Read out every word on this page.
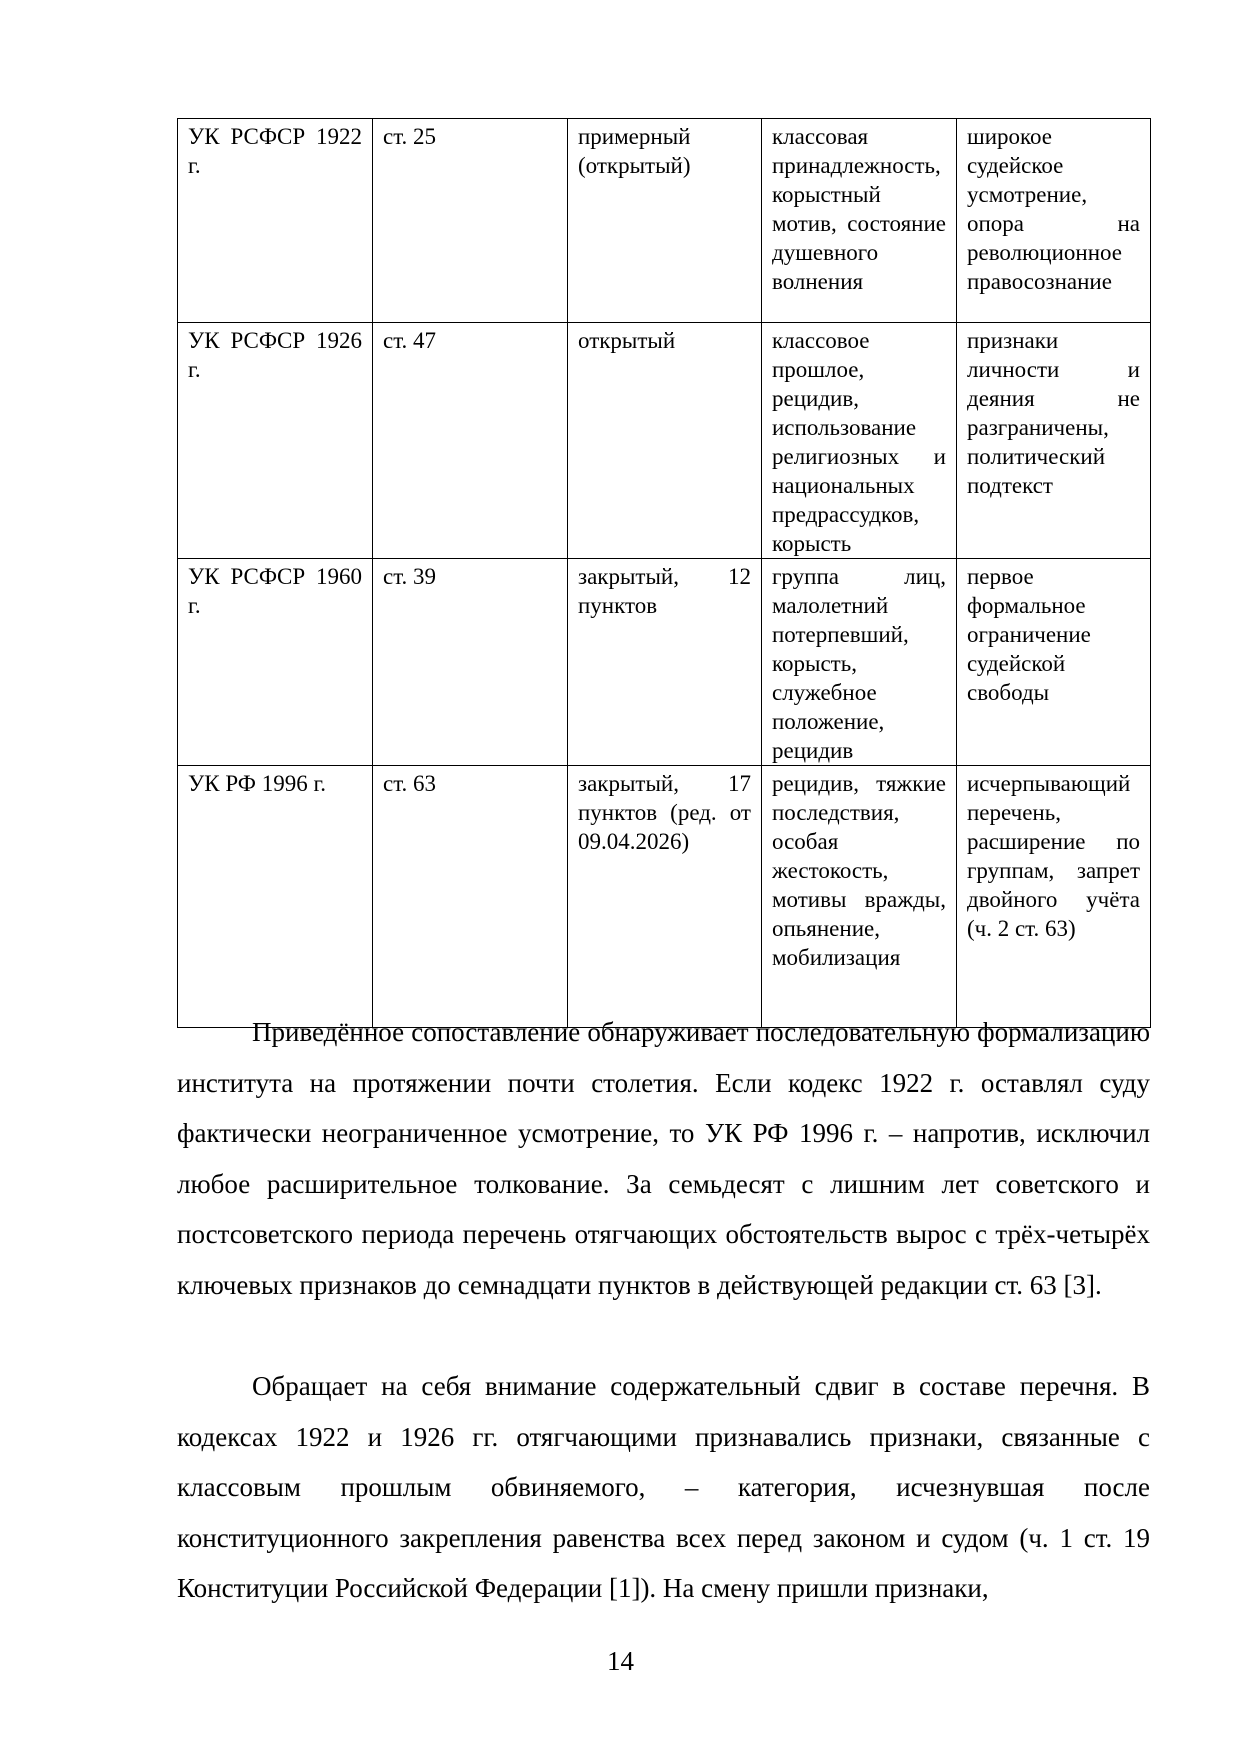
УК РСФСР 1922 г.	ст. 25	примерный (открытый)	классовая принадлежность, корыстный мотив, состояние душевного волнения	широкое судейское усмотрение, опора на революционное правосознание
УК РСФСР 1926 г.	ст. 47	открытый	классовое прошлое, рецидив, использование религиозных и национальных предрассудков, корысть	признаки личности и деяния не разграничены, политический подтекст
УК РСФСР 1960 г.	ст. 39	закрытый, 12 пунктов	группа лиц, малолетний потерпевший, корысть, служебное положение, рецидив	первое формальное ограничение судейской свободы
УК РФ 1996 г.	ст. 63	закрытый, 17 пунктов (ред. от 09.04.2026)	рецидив, тяжкие последствия, особая жестокость, мотивы вражды, опьянение, мобилизация	исчерпывающий перечень, расширение по группам, запрет двойного учёта (ч. 2 ст. 63)

Приведённое сопоставление обнаруживает последовательную формализацию института на протяжении почти столетия. Если кодекс 1922 г. оставлял суду фактически неограниченное усмотрение, то УК РФ 1996 г. – напротив, исключил любое расширительное толкование. За семьдесят с лишним лет советского и постсоветского периода перечень отягчающих обстоятельств вырос с трёх-четырёх ключевых признаков до семнадцати пунктов в действующей редакции ст. 63 [3].

Обращает на себя внимание содержательный сдвиг в составе перечня. В кодексах 1922 и 1926 гг. отягчающими признавались признаки, связанные с классовым прошлым обвиняемого, – категория, исчезнувшая после конституционного закрепления равенства всех перед законом и судом (ч. 1 ст. 19 Конституции Российской Федерации [1]). На смену пришли признаки,

14
